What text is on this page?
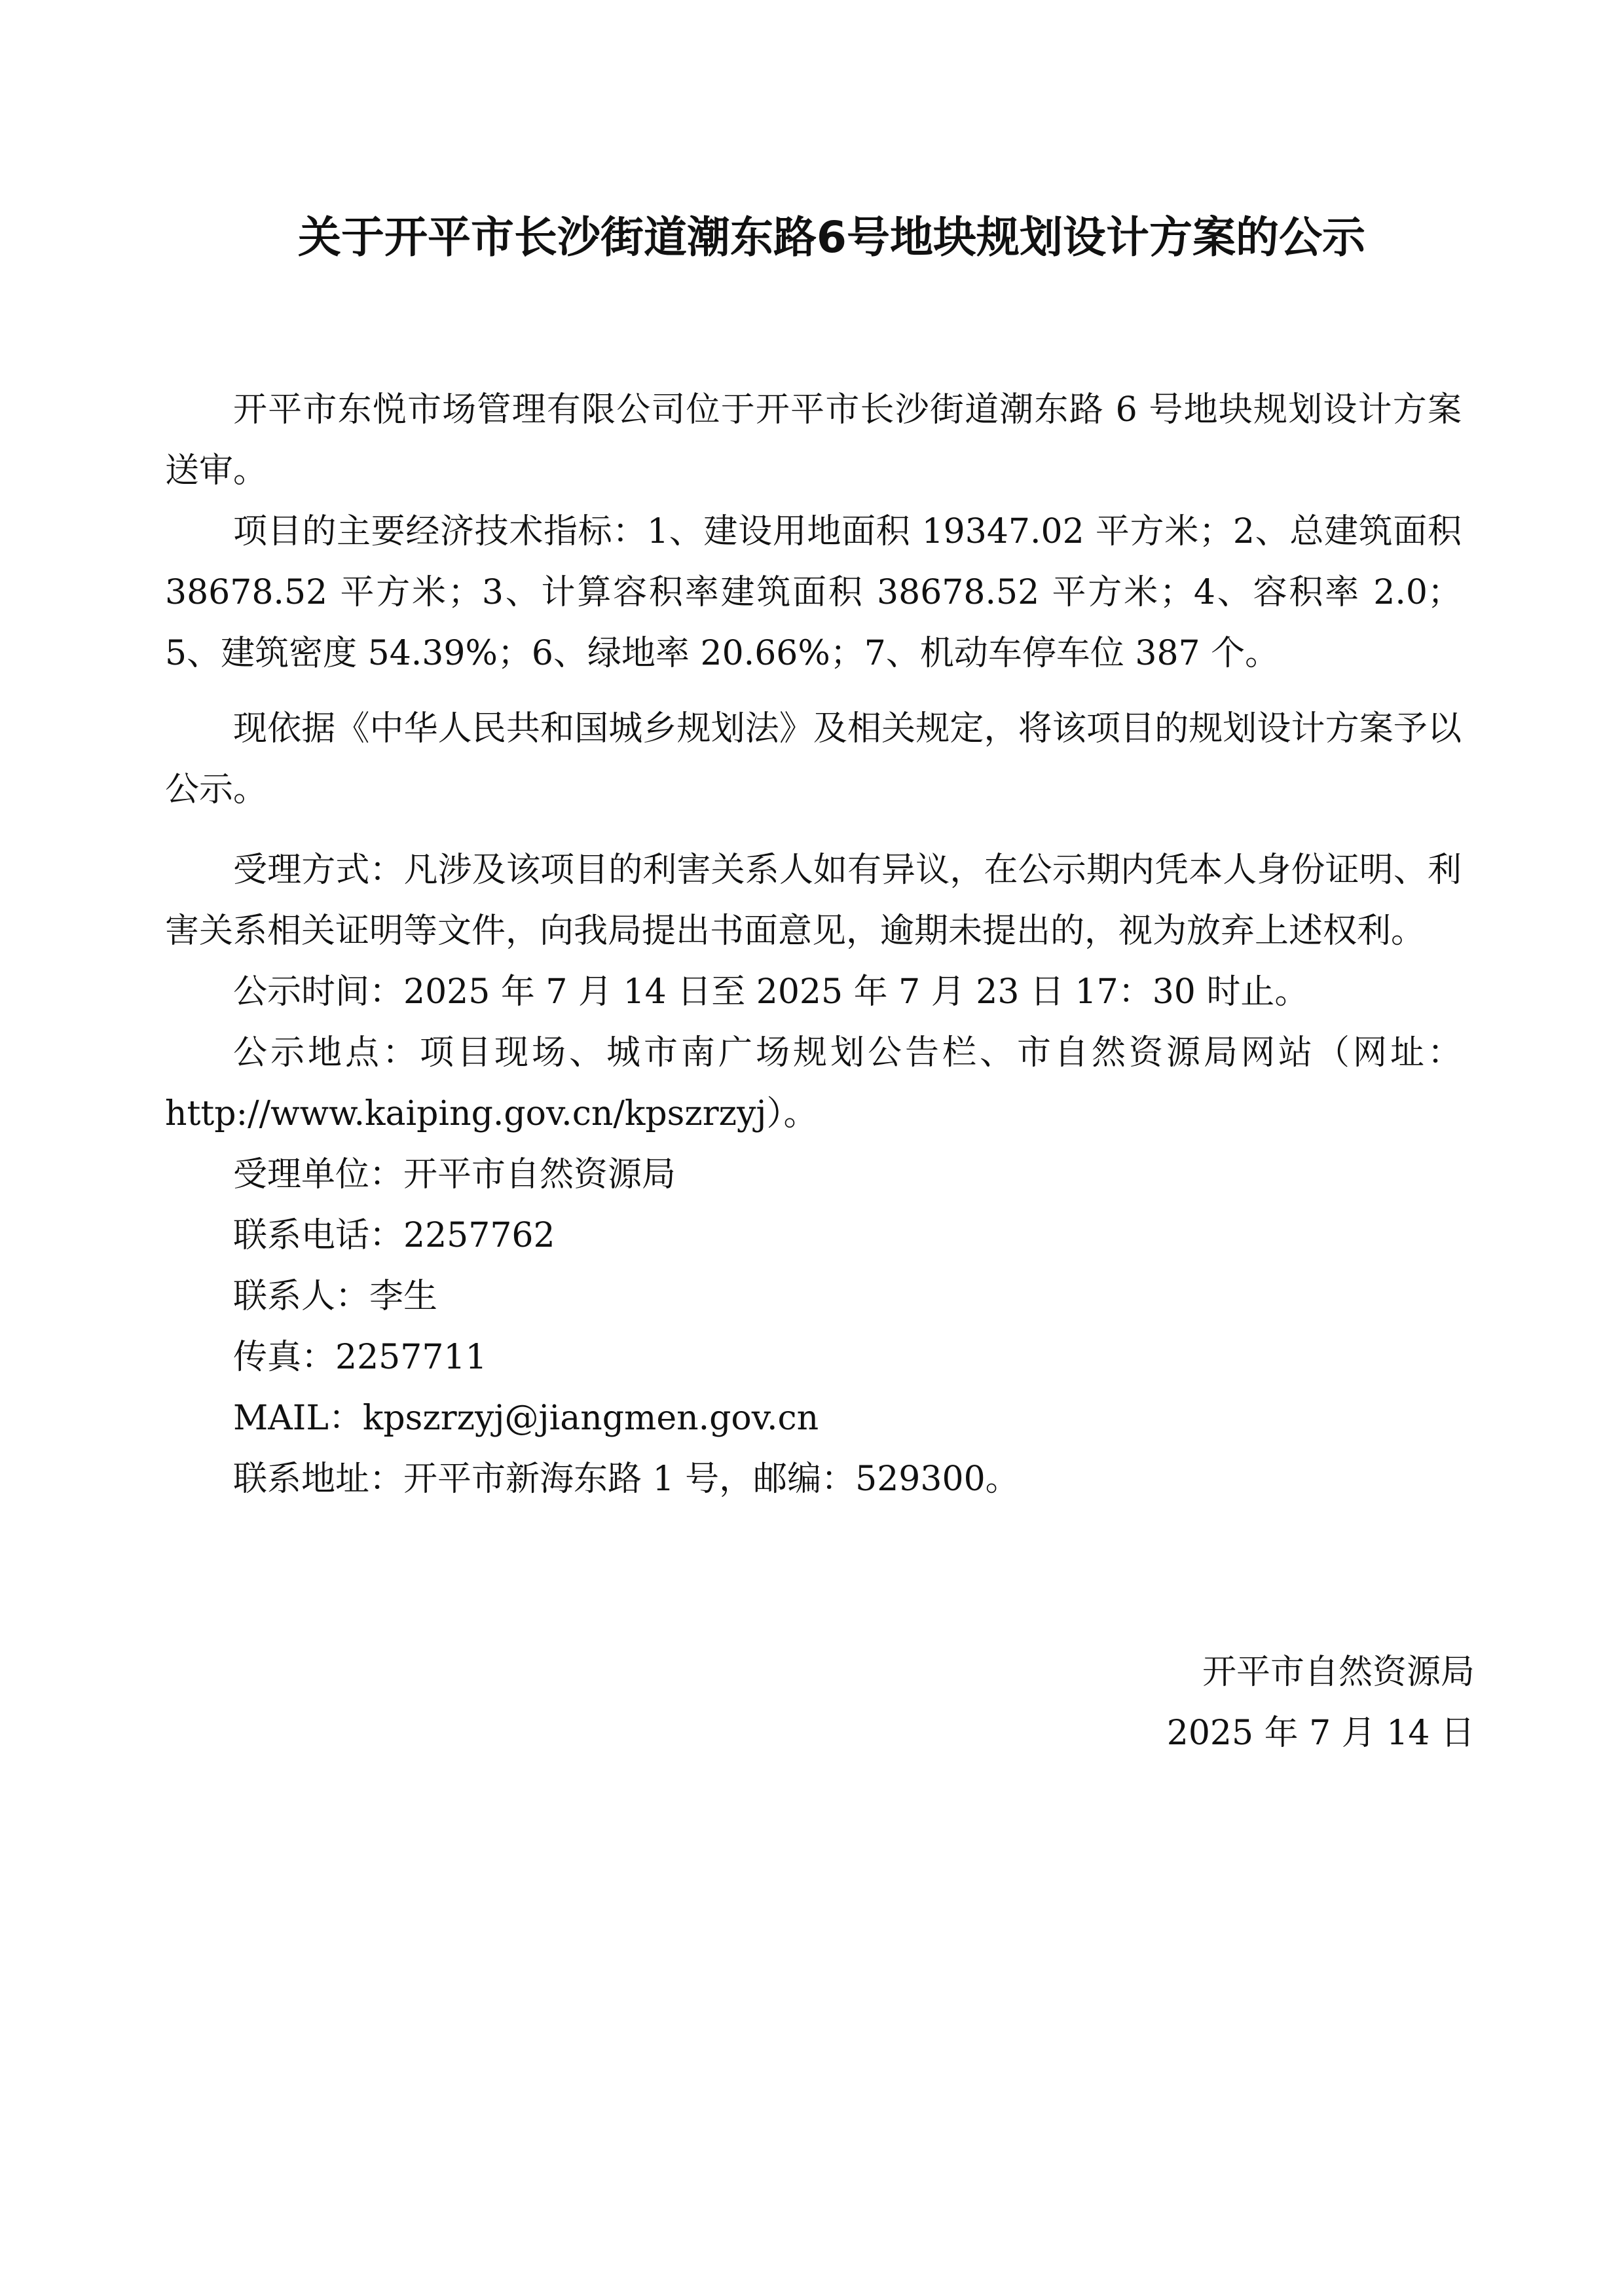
关于开平市长沙街道潮东路6号地块规划设计方案的公示

开平市东悦市场管理有限公司位于开平市长沙街道潮东路 6 号地块规划设计方案送审。

项目的主要经济技术指标：1、建设用地面积 19347.02 平方米；2、总建筑面积 38678.52 平方米；3、计算容积率建筑面积 38678.52 平方米；4、容积率 2.0；5、建筑密度 54.39%；6、绿地率 20.66%；7、机动车停车位 387 个。

现依据《中华人民共和国城乡规划法》及相关规定，将该项目的规划设计方案予以公示。

受理方式：凡涉及该项目的利害关系人如有异议，在公示期内凭本人身份证明、利害关系相关证明等文件，向我局提出书面意见，逾期未提出的，视为放弃上述权利。

公示时间：2025 年 7 月 14 日至 2025 年 7 月 23 日 17：30 时止。

公示地点：项目现场、城市南广场规划公告栏、市自然资源局网站（网址：http://www.kaiping.gov.cn/kpszrzyj）。

受理单位：开平市自然资源局
联系电话：2257762
联系人：李生
传真：2257711
MAIL：kpszrzyj@jiangmen.gov.cn
联系地址：开平市新海东路 1 号，邮编：529300。
开平市自然资源局
2025 年 7 月 14 日
